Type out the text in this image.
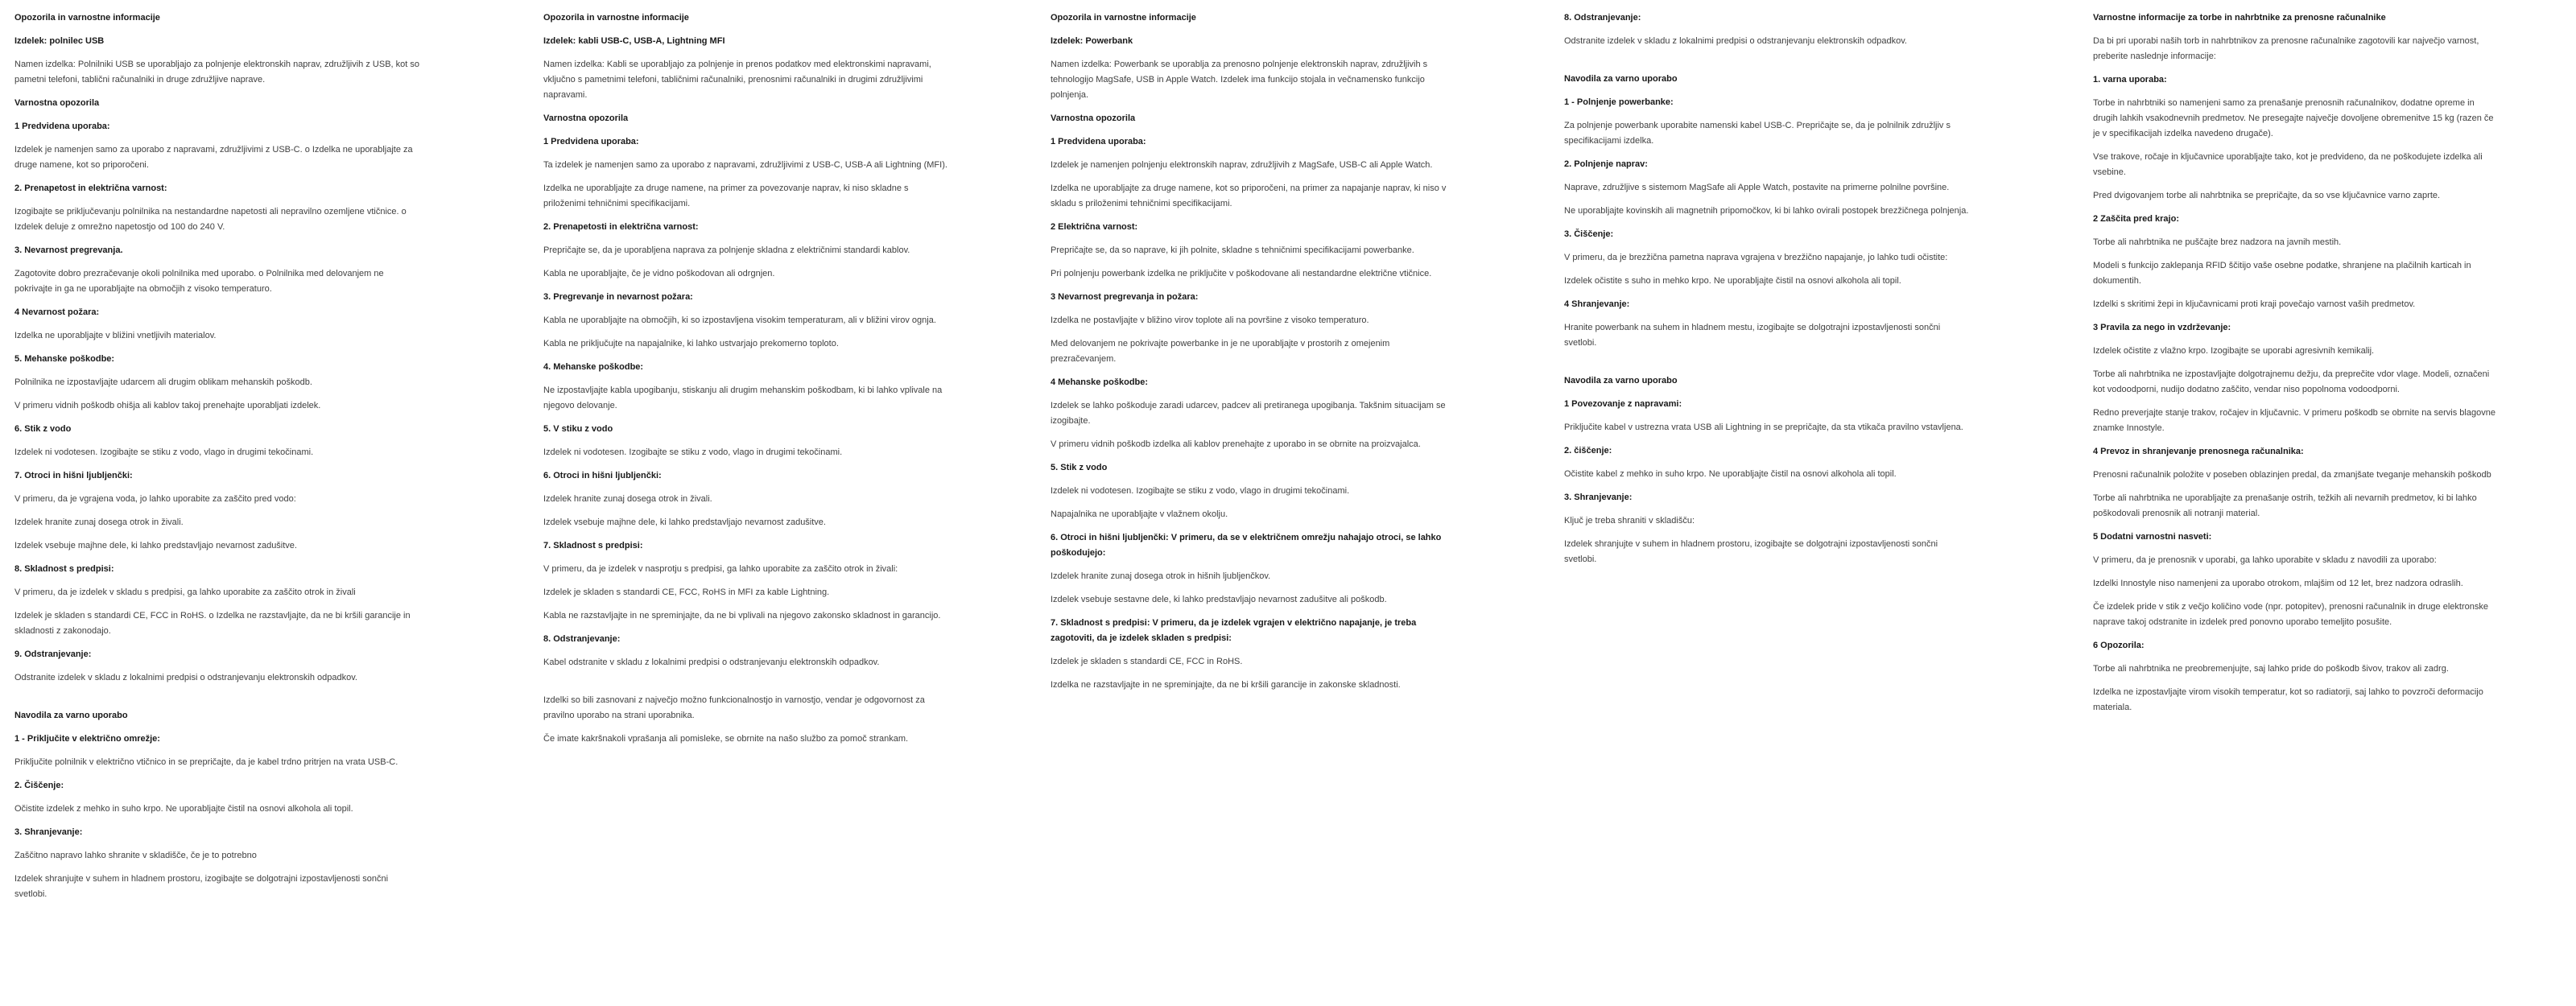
Opozorila in varnostne informacije
Izdelek: polnilec USB
Namen izdelka: Polnilniki USB se uporabljajo za polnjenje elektronskih naprav, združljivih z USB, kot so pametni telefoni, tablični računalniki in druge združljive naprave.
Varnostna opozorila
1 Predvidena uporaba:
Izdelek je namenjen samo za uporabo z napravami, združljivimi z USB-C. o Izdelka ne uporabljajte za druge namene, kot so priporočeni.
2. Prenapetost in električna varnost:
Izogibajte se priključevanju polnilnika na nestandardne napetosti ali nepravilno ozemljene vtičnice. o Izdelek deluje z omrežno napetostjo od 100 do 240 V.
3. Nevarnost pregrevanja.
Zagotovite dobro prezračevanje okoli polnilnika med uporabo. o Polnilnika med delovanjem ne pokrivajte in ga ne uporabljajte na območjih z visoko temperaturo.
4 Nevarnost požara:
Izdelka ne uporabljajte v bližini vnetljivih materialov.
5. Mehanske poškodbe:
Polnilnika ne izpostavljajte udarcem ali drugim oblikam mehanskih poškodb.
V primeru vidnih poškodb ohišja ali kablov takoj prenehajte uporabljati izdelek.
6. Stik z vodo
Izdelek ni vodotesen. Izogibajte se stiku z vodo, vlago in drugimi tekočinami.
7. Otroci in hišni ljubljenčki:
V primeru, da je vgrajena voda, jo lahko uporabite za zaščito pred vodo:
Izdelek hranite zunaj dosega otrok in živali.
Izdelek vsebuje majhne dele, ki lahko predstavljajo nevarnost zadušitve.
8. Skladnost s predpisi:
V primeru, da je izdelek v skladu s predpisi, ga lahko uporabite za zaščito otrok in živali
Izdelek je skladen s standardi CE, FCC in RoHS. o Izdelka ne razstavljajte, da ne bi kršili garancije in skladnosti z zakonodajo.
9. Odstranjevanje:
Odstranite izdelek v skladu z lokalnimi predpisi o odstranjevanju elektronskih odpadkov.
Navodila za varno uporabo
1 - Priključite v električno omrežje:
Priključite polnilnik v električno vtičnico in se prepričajte, da je kabel trdno pritrjen na vrata USB-C.
2. Čiščenje:
Očistite izdelek z mehko in suho krpo. Ne uporabljajte čistil na osnovi alkohola ali topil.
3. Shranjevanje:
Zaščitno napravo lahko shranite v skladišče, če je to potrebno
Izdelek shranjujte v suhem in hladnem prostoru, izogibajte se dolgotrajni izpostavljenosti sončni svetlobi.
Opozorila in varnostne informacije
Izdelek: kabli USB-C, USB-A, Lightning MFI
Namen izdelka: Kabli se uporabljajo za polnjenje in prenos podatkov med elektronskimi napravami, vključno s pametnimi telefoni, tabličnimi računalniki, prenosnimi računalniki in drugimi združljivimi napravami.
Varnostna opozorila
1 Predvidena uporaba:
Ta izdelek je namenjen samo za uporabo z napravami, združljivimi z USB-C, USB-A ali Lightning (MFI).
Izdelka ne uporabljajte za druge namene, na primer za povezovanje naprav, ki niso skladne s priloženimi tehničnimi specifikacijami.
2. Prenapetosti in električna varnost:
Prepričajte se, da je uporabljena naprava za polnjenje skladna z električnimi standardi kablov.
Kabla ne uporabljajte, če je vidno poškodovan ali odrgnjen.
3. Pregrevanje in nevarnost požara:
Kabla ne uporabljajte na območjih, ki so izpostavljena visokim temperaturam, ali v bližini virov ognja.
Kabla ne priključujte na napajalnike, ki lahko ustvarjajo prekomerno toploto.
4. Mehanske poškodbe:
Ne izpostavljajte kabla upogibanju, stiskanju ali drugim mehanskim poškodbam, ki bi lahko vplivale na njegovo delovanje.
5. V stiku z vodo
Izdelek ni vodotesen. Izogibajte se stiku z vodo, vlago in drugimi tekočinami.
6. Otroci in hišni ljubljenčki:
Izdelek hranite zunaj dosega otrok in živali.
Izdelek vsebuje majhne dele, ki lahko predstavljajo nevarnost zadušitve.
7. Skladnost s predpisi:
V primeru, da je izdelek v nasprotju s predpisi, ga lahko uporabite za zaščito otrok in živali:
Izdelek je skladen s standardi CE, FCC, RoHS in MFI za kable Lightning.
Kabla ne razstavljajte in ne spreminjajte, da ne bi vplivali na njegovo zakonsko skladnost in garancijo.
8. Odstranjevanje:
Kabel odstranite v skladu z lokalnimi predpisi o odstranjevanju elektronskih odpadkov.
Izdelki so bili zasnovani z največjo možno funkcionalnostjo in varnostjo, vendar je odgovornost za pravilno uporabo na strani uporabnika.
Če imate kakršnakoli vprašanja ali pomisleke, se obrnite na našo službo za pomoč strankam.
Opozorila in varnostne informacije
Izdelek: Powerbank
Namen izdelka: Powerbank se uporablja za prenosno polnjenje elektronskih naprav, združljivih s tehnologijo MagSafe, USB in Apple Watch. Izdelek ima funkcijo stojala in večnamensko funkcijo polnjenja.
Varnostna opozorila
1 Predvidena uporaba:
Izdelek je namenjen polnjenju elektronskih naprav, združljivih z MagSafe, USB-C ali Apple Watch.
Izdelka ne uporabljajte za druge namene, kot so priporočeni, na primer za napajanje naprav, ki niso v skladu s priloženimi tehničnimi specifikacijami.
2 Električna varnost:
Prepričajte se, da so naprave, ki jih polnite, skladne s tehničnimi specifikacijami powerbanke.
Pri polnjenju powerbank izdelka ne priključite v poškodovane ali nestandardne električne vtičnice.
3 Nevarnost pregrevanja in požara:
Izdelka ne postavljajte v bližino virov toplote ali na površine z visoko temperaturo.
Med delovanjem ne pokrivajte powerbanke in je ne uporabljajte v prostorih z omejenim prezračevanjem.
4 Mehanske poškodbe:
Izdelek se lahko poškoduje zaradi udarcev, padcev ali pretiranega upogibanja. Takšnim situacijam se izogibajte.
V primeru vidnih poškodb izdelka ali kablov prenehajte z uporabo in se obrnite na proizvajalca.
5. Stik z vodo
Izdelek ni vodotesen. Izogibajte se stiku z vodo, vlago in drugimi tekočinami.
Napajalnika ne uporabljajte v vlažnem okolju.
6. Otroci in hišni ljubljenčki: V primeru, da se v električnem omrežju nahajajo otroci, se lahko poškodujejo:
Izdelek hranite zunaj dosega otrok in hišnih ljubljenčkov.
Izdelek vsebuje sestavne dele, ki lahko predstavljajo nevarnost zadušitve ali poškodb.
7. Skladnost s predpisi: V primeru, da je izdelek vgrajen v električno napajanje, je treba zagotoviti, da je izdelek skladen s predpisi:
Izdelek je skladen s standardi CE, FCC in RoHS.
Izdelka ne razstavljajte in ne spreminjajte, da ne bi kršili garancije in zakonske skladnosti.
8. Odstranjevanje:
Odstranite izdelek v skladu z lokalnimi predpisi o odstranjevanju elektronskih odpadkov.
Navodila za varno uporabo
1 - Polnjenje powerbanke:
Za polnjenje powerbank uporabite namenski kabel USB-C. Prepričajte se, da je polnilnik združljiv s specifikacijami izdelka.
2. Polnjenje naprav:
Naprave, združljive s sistemom MagSafe ali Apple Watch, postavite na primerne polnilne površine.
Ne uporabljajte kovinskih ali magnetnih pripomočkov, ki bi lahko ovirali postopek brezžičnega polnjenja.
3. Čiščenje:
V primeru, da je brezžična pametna naprava vgrajena v brezžično napajanje, jo lahko tudi očistite:
Izdelek očistite s suho in mehko krpo. Ne uporabljajte čistil na osnovi alkohola ali topil.
4 Shranjevanje:
Hranite powerbank na suhem in hladnem mestu, izogibajte se dolgotrajni izpostavljenosti sončni svetlobi.
Navodila za varno uporabo
1 Povezovanje z napravami:
Priključite kabel v ustrezna vrata USB ali Lightning in se prepričajte, da sta vtikača pravilno vstavljena.
2. čiščenje:
Očistite kabel z mehko in suho krpo. Ne uporabljajte čistil na osnovi alkohola ali topil.
3. Shranjevanje:
Ključ je treba shraniti v skladišču:
Izdelek shranjujte v suhem in hladnem prostoru, izogibajte se dolgotrajni izpostavljenosti sončni svetlobi.
Varnostne informacije za torbe in nahrbtnike za prenosne računalnike
Da bi pri uporabi naših torb in nahrbtnikov za prenosne računalnike zagotovili kar največjo varnost, preberite naslednje informacije:
1. varna uporaba:
Torbe in nahrbtniki so namenjeni samo za prenašanje prenosnih računalnikov, dodatne opreme in drugih lahkih vsakodnevnih predmetov. Ne presegajte največje dovoljene obremenitve 15 kg (razen če je v specifikacijah izdelka navedeno drugače).
Vse trakove, ročaje in ključavnice uporabljajte tako, kot je predvideno, da ne poškodujete izdelka ali vsebine.
Pred dvigovanjem torbe ali nahrbtnika se prepričajte, da so vse ključavnice varno zaprte.
2 Zaščita pred krajo:
Torbe ali nahrbtnika ne puščajte brez nadzora na javnih mestih.
Modeli s funkcijo zaklepanja RFID ščitijo vaše osebne podatke, shranjene na plačilnih karticah in dokumentih.
Izdelki s skritimi žepi in ključavnicami proti kraji povečajo varnost vaših predmetov.
3 Pravila za nego in vzdrževanje:
Izdelek očistite z vlažno krpo. Izogibajte se uporabi agresivnih kemikalij.
Torbe ali nahrbtnika ne izpostavljajte dolgotrajnemu dežju, da preprečite vdor vlage. Modeli, označeni kot vodoodporni, nudijo dodatno zaščito, vendar niso popolnoma vodoodporni.
Redno preverjajte stanje trakov, ročajev in ključavnic. V primeru poškodb se obrnite na servis blagovne znamke Innostyle.
4 Prevoz in shranjevanje prenosnega računalnika:
Prenosni računalnik položite v poseben oblazinjen predal, da zmanjšate tveganje mehanskih poškodb
Torbe ali nahrbtnika ne uporabljajte za prenašanje ostrih, težkih ali nevarnih predmetov, ki bi lahko poškodovali prenosnik ali notranji material.
5 Dodatni varnostni nasveti:
V primeru, da je prenosnik v uporabi, ga lahko uporabite v skladu z navodili za uporabo:
Izdelki Innostyle niso namenjeni za uporabo otrokom, mlajšim od 12 let, brez nadzora odraslih.
Če izdelek pride v stik z večjo količino vode (npr. potopitev), prenosni računalnik in druge elektronske naprave takoj odstranite in izdelek pred ponovno uporabo temeljito posušite.
6 Opozorila:
Torbe ali nahrbtnika ne preobremenjujte, saj lahko pride do poškodb šivov, trakov ali zadrg.
Izdelka ne izpostavljajte virom visokih temperatur, kot so radiatorji, saj lahko to povzroči deformacijo materiala.
